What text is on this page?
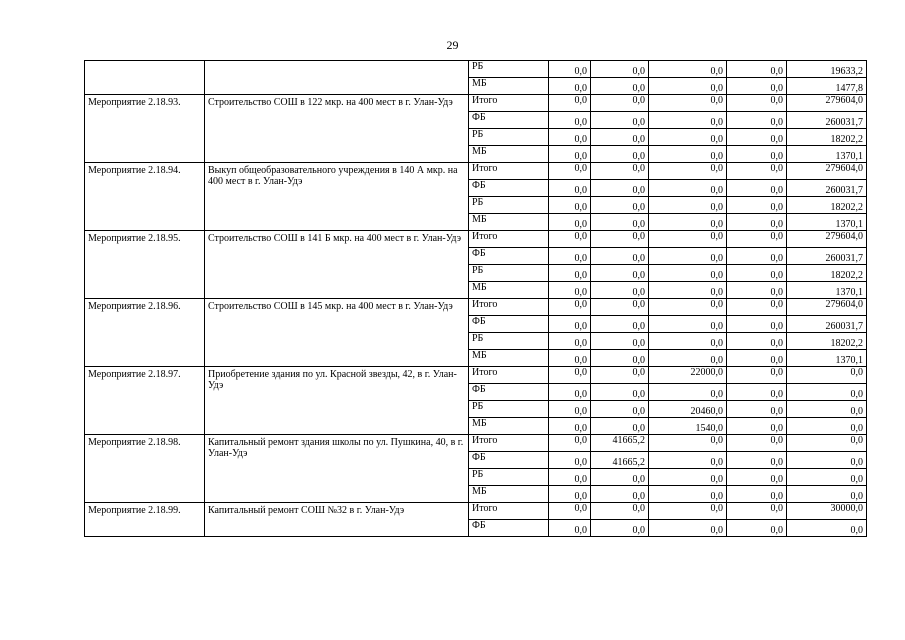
29
		РБ	0,0	0,0	0,0	0,0	19633,2
		МБ	0,0	0,0	0,0	0,0	1477,8
Мероприятие 2.18.93.	Строительство СОШ в 122 мкр. на 400 мест в г. Улан-Удэ	Итого	0,0	0,0	0,0	0,0	279604,0
		ФБ	0,0	0,0	0,0	0,0	260031,7
		РБ	0,0	0,0	0,0	0,0	18202,2
		МБ	0,0	0,0	0,0	0,0	1370,1
Мероприятие 2.18.94.	Выкуп общеобразовательного учреждения в 140 А мкр. на 400 мест в г. Улан-Удэ	Итого	0,0	0,0	0,0	0,0	279604,0
		ФБ	0,0	0,0	0,0	0,0	260031,7
		РБ	0,0	0,0	0,0	0,0	18202,2
		МБ	0,0	0,0	0,0	0,0	1370,1
Мероприятие 2.18.95.	Строительство СОШ в 141 Б мкр. на 400 мест в г. Улан-Удэ	Итого	0,0	0,0	0,0	0,0	279604,0
		ФБ	0,0	0,0	0,0	0,0	260031,7
		РБ	0,0	0,0	0,0	0,0	18202,2
		МБ	0,0	0,0	0,0	0,0	1370,1
Мероприятие 2.18.96.	Строительство СОШ в 145 мкр. на 400 мест в г. Улан-Удэ	Итого	0,0	0,0	0,0	0,0	279604,0
		ФБ	0,0	0,0	0,0	0,0	260031,7
		РБ	0,0	0,0	0,0	0,0	18202,2
		МБ	0,0	0,0	0,0	0,0	1370,1
Мероприятие 2.18.97.	Приобретение здания по ул. Красной звезды, 42, в г. Улан-Удэ	Итого	0,0	0,0	22000,0	0,0	0,0
		ФБ	0,0	0,0	0,0	0,0	0,0
		РБ	0,0	0,0	20460,0	0,0	0,0
		МБ	0,0	0,0	1540,0	0,0	0,0
Мероприятие 2.18.98.	Капитальный ремонт здания школы по ул. Пушкина, 40, в г. Улан-Удэ	Итого	0,0	41665,2	0,0	0,0	0,0
		ФБ	0,0	41665,2	0,0	0,0	0,0
		РБ	0,0	0,0	0,0	0,0	0,0
		МБ	0,0	0,0	0,0	0,0	0,0
Мероприятие 2.18.99.	Капитальный ремонт СОШ №32 в г. Улан-Удэ	Итого	0,0	0,0	0,0	0,0	30000,0
		ФБ	0,0	0,0	0,0	0,0	0,0
